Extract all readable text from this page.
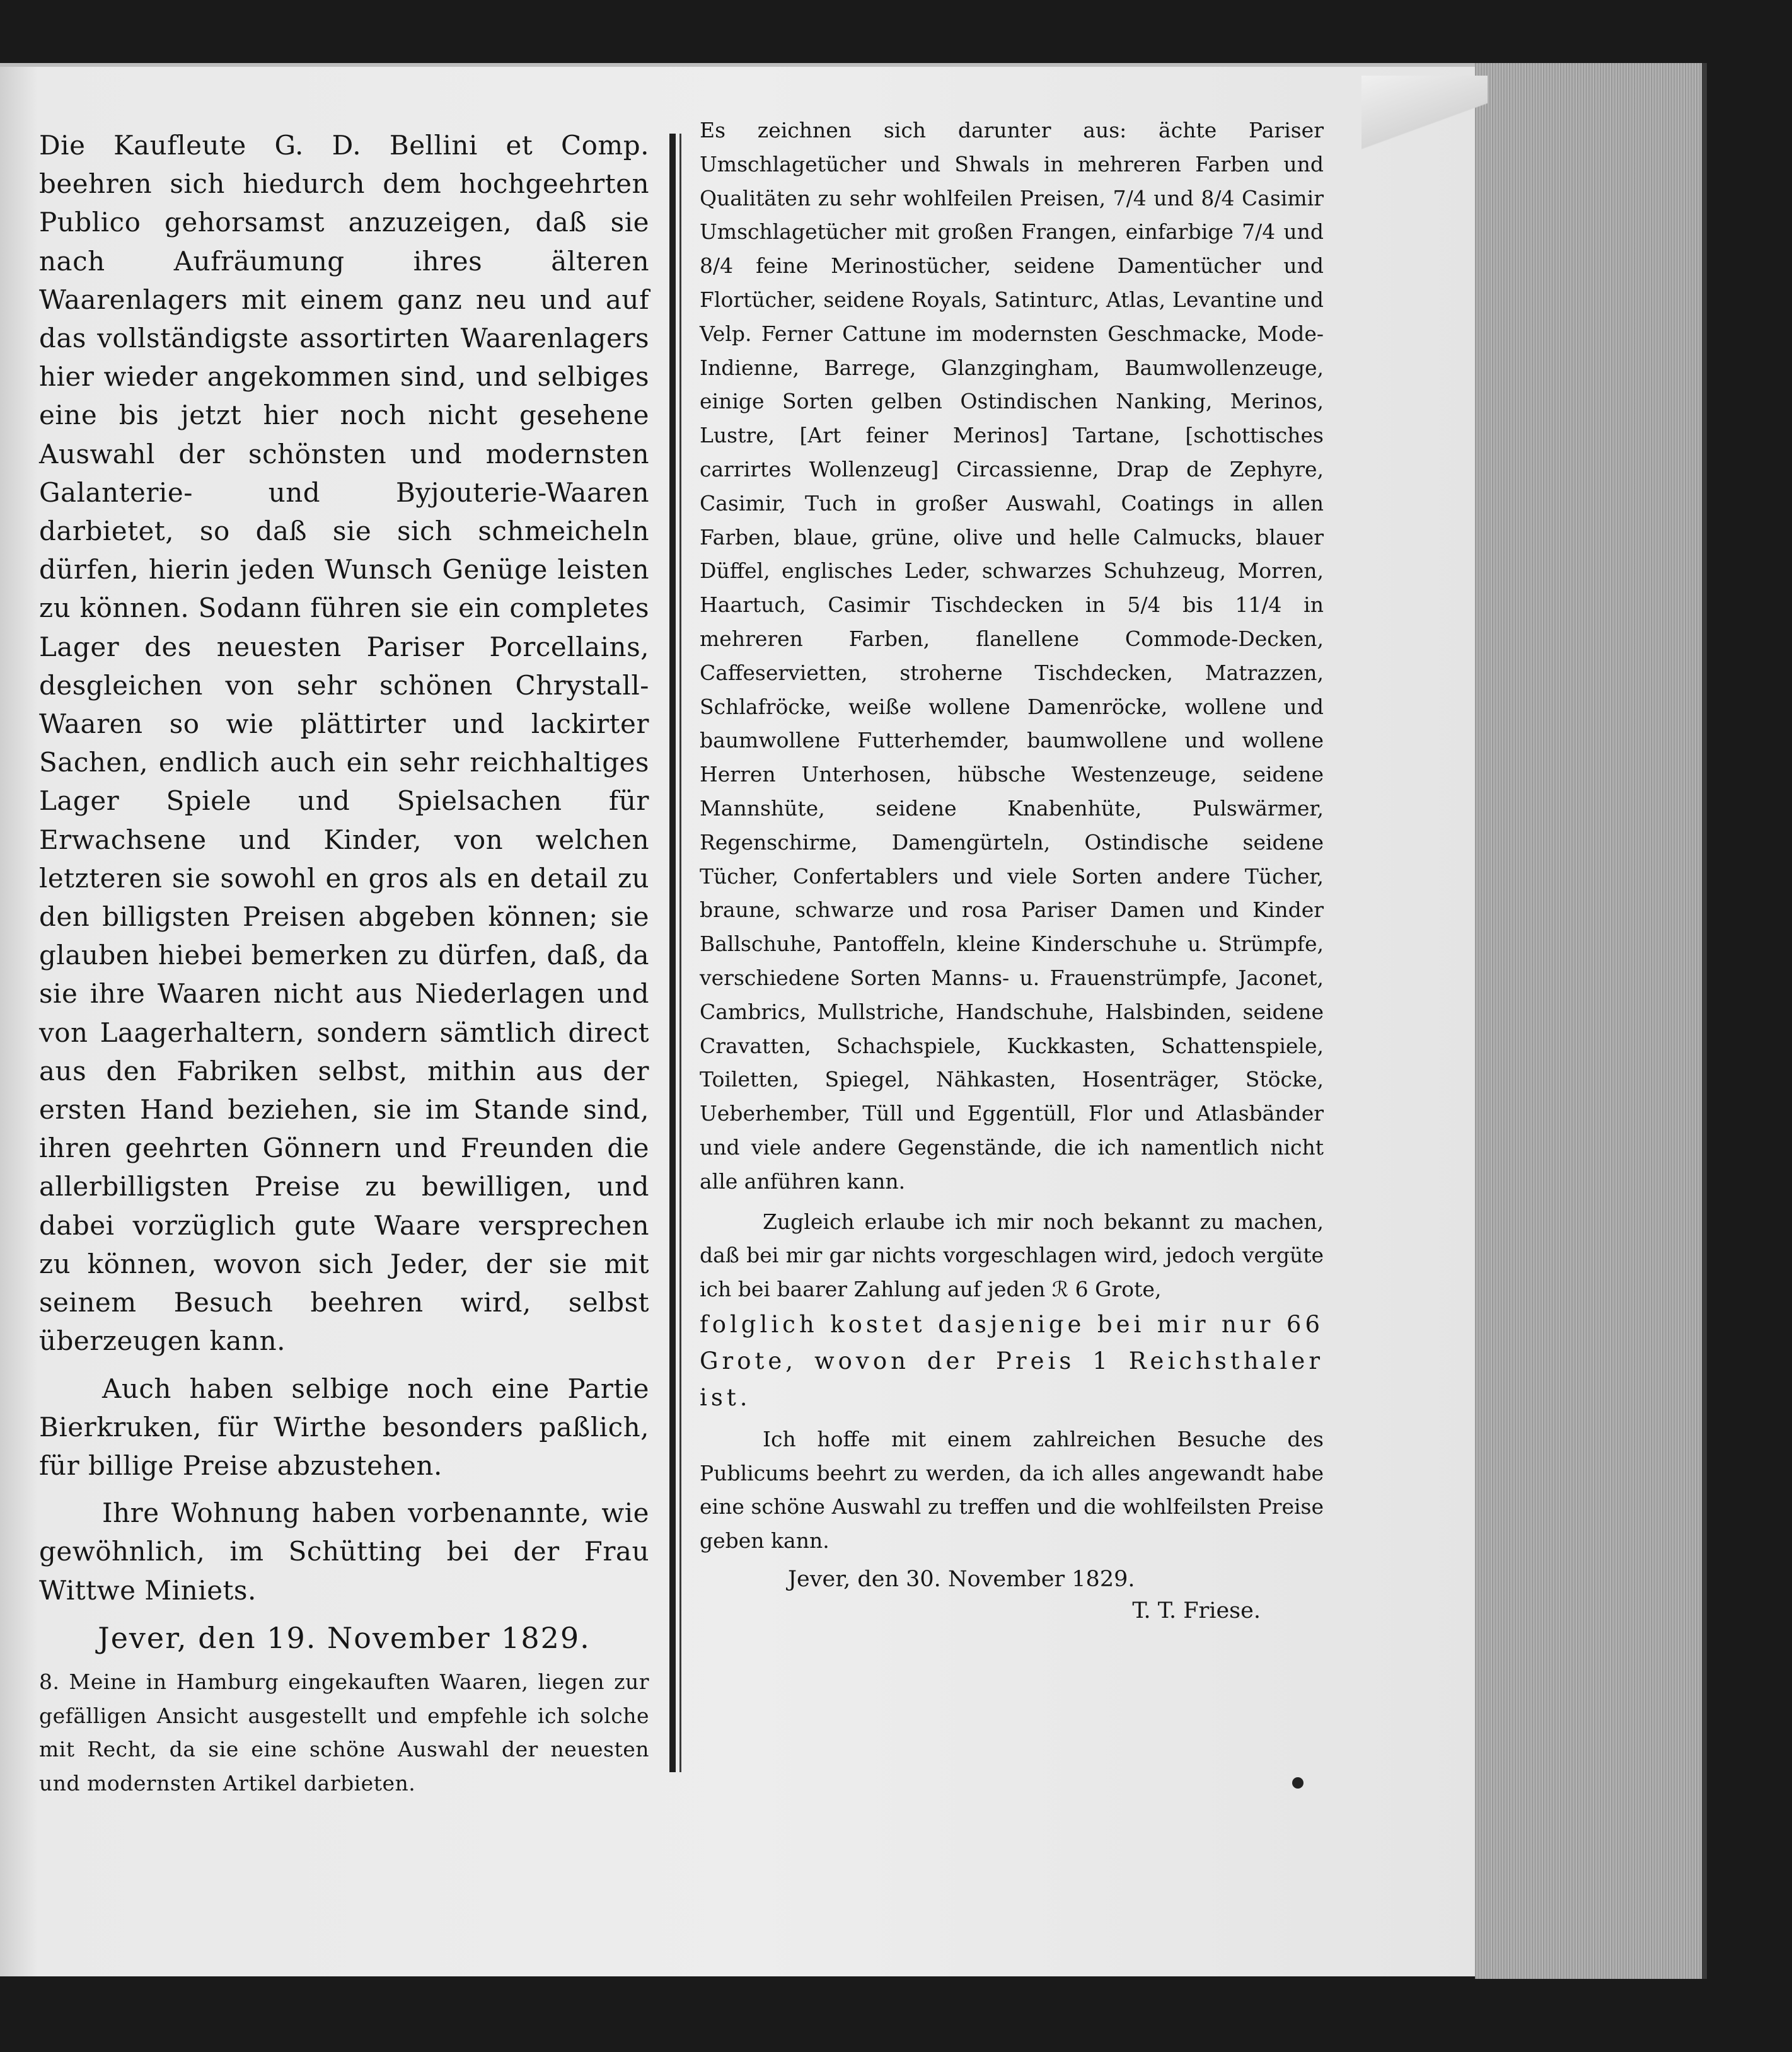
Die Kaufleute G. D. Bellini et Comp. beehren sich hiedurch dem hochgeehrten Publico gehorsamst anzuzeigen, daß sie nach Aufräumung ihres älteren Waarenlagers mit einem ganz neu und auf das vollständigste assortirten Waarenlagers hier wieder angekommen sind, und selbiges eine bis jetzt hier noch nicht gesehene Auswahl der schönsten und modernsten Galanterie- und Byjouterie-Waaren darbietet, so daß sie sich schmeicheln dürfen, hierin jeden Wunsch Genüge leisten zu können. Sodann führen sie ein completes Lager des neuesten Pariser Porcellains, desgleichen von sehr schönen Chrystall-Waaren so wie plättirter und lackirter Sachen, endlich auch ein sehr reichhaltiges Lager Spiele und Spielsachen für Erwachsene und Kinder, von welchen letzteren sie sowohl en gros als en detail zu den billigsten Preisen abgeben können; sie glauben hiebei bemerken zu dürfen, daß, da sie ihre Waaren nicht aus Niederlagen und von Laagerhaltern, sondern sämtlich direct aus den Fabriken selbst, mithin aus der ersten Hand beziehen, sie im Stande sind, ihren geehrten Gönnern und Freunden die allerbilligsten Preise zu bewilligen, und dabei vorzüglich gute Waare versprechen zu können, wovon sich Jeder, der sie mit seinem Besuch beehren wird, selbst überzeugen kann.

Auch haben selbige noch eine Partie Bierkruken, für Wirthe besonders paßlich, für billige Preise abzustehen.

Ihre Wohnung haben vorbenannte, wie gewöhnlich, im Schütting bei der Frau Wittwe Miniets.

Jever, den 19. November 1829.

8. Meine in Hamburg eingekauften Waaren, liegen zur gefälligen Ansicht ausgestellt und empfehle ich solche mit Recht, da sie eine schöne Auswahl der neuesten und modernsten Artikel darbieten.

Es zeichnen sich darunter aus: ächte Pariser Umschlagetücher und Shwals in mehreren Farben und Qualitäten zu sehr wohlfeilen Preisen, 7/4 und 8/4 Casimir Umschlagetücher mit großen Frangen, einfarbige 7/4 und 8/4 feine Merinostücher, seidene Damentücher und Flortücher, seidene Royals, Satinturc, Atlas, Levantine und Velp. Ferner Cattune im modernsten Geschmacke, Mode-Indienne, Barrege, Glanzgingham, Baumwollenzeuge, einige Sorten gelben Ostindischen Nanking, Merinos, Lustre, [Art feiner Merinos] Tartane, [schottisches carrirtes Wollenzeug] Circassienne, Drap de Zephyre, Casimir, Tuch in großer Auswahl, Coatings in allen Farben, blaue, grüne, olive und helle Calmucks, blauer Düffel, englisches Leder, schwarzes Schuhzeug, Morren, Haartuch, Casimir Tischdecken in 5/4 bis 11/4 in mehreren Farben, flanellene Commode-Decken, Caffeservietten, stroherne Tischdecken, Matrazzen, Schlafröcke, weiße wollene Damenröcke, wollene und baumwollene Futterhemder, baumwollene und wollene Herren Unterhosen, hübsche Westenzeuge, seidene Mannshüte, seidene Knabenhüte, Pulswärmer, Regenschirme, Damengürteln, Ostindische seidene Tücher, Confertablers und viele Sorten andere Tücher, braune, schwarze und rosa Pariser Damen und Kinder Ballschuhe, Pantoffeln, kleine Kinderschuhe u. Strümpfe, verschiedene Sorten Manns- u. Frauenstrümpfe, Jaconet, Cambrics, Mullstriche, Handschuhe, Halsbinden, seidene Cravatten, Schachspiele, Kuckkasten, Schattenspiele, Toiletten, Spiegel, Nähkasten, Hosenträger, Stöcke, Ueberhember, Tüll und Eggentüll, Flor und Atlasbänder und viele andere Gegenstände, die ich namentlich nicht alle anführen kann.

Zugleich erlaube ich mir noch bekannt zu machen, daß bei mir gar nichts vorgeschlagen wird, jedoch vergüte ich bei baarer Zahlung auf jeden ℛ 6 Grote,

folglich kostet dasjenige bei mir nur 66 Grote, wovon der Preis 1 Reichsthaler ist.

Ich hoffe mit einem zahlreichen Besuche des Publicums beehrt zu werden, da ich alles angewandt habe eine schöne Auswahl zu treffen und die wohlfeilsten Preise geben kann.

Jever, den 30. November 1829.
T. T. Friese.
